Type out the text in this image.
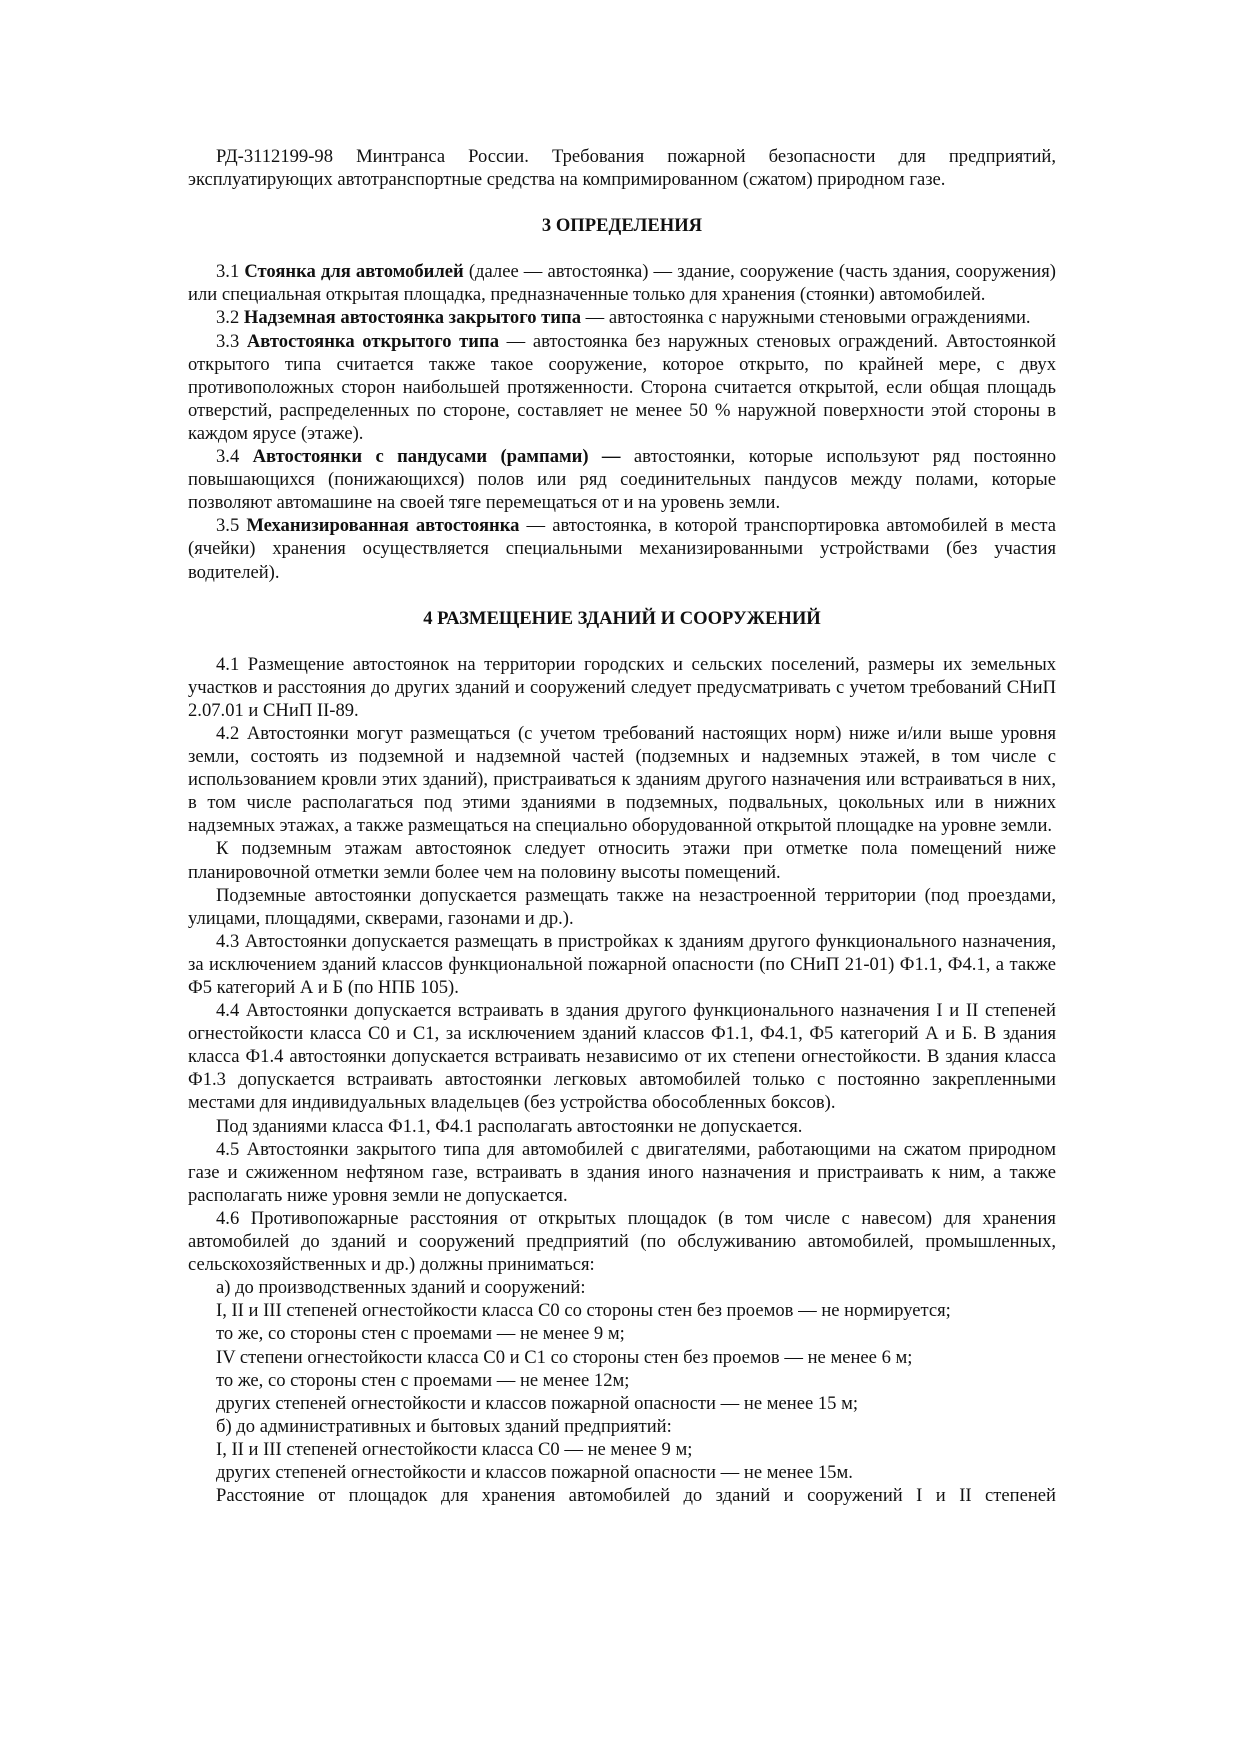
РД-3112199-98 Минтранса России. Требования пожарной безопасности для предприятий, эксплуатирующих автотранспортные средства на компримированном (сжатом) природном газе.

3 ОПРЕДЕЛЕНИЯ

3.1 Стоянка для автомобилей (далее — автостоянка) — здание, сооружение (часть здания, сооружения) или специальная открытая площадка, предназначенные только для хранения (стоянки) автомобилей.

3.2 Надземная автостоянка закрытого типа — автостоянка с наружными стеновыми ограждениями.

3.3 Автостоянка открытого типа — автостоянка без наружных стеновых ограждений. Автостоянкой открытого типа считается также такое сооружение, которое открыто, по крайней мере, с двух противоположных сторон наибольшей протяженности. Сторона считается открытой, если общая площадь отверстий, распределенных по стороне, составляет не менее 50 % наружной поверхности этой стороны в каждом ярусе (этаже).

3.4 Автостоянки с пандусами (рампами) — автостоянки, которые используют ряд постоянно повышающихся (понижающихся) полов или ряд соединительных пандусов между полами, которые позволяют автомашине на своей тяге перемещаться от и на уровень земли.

3.5 Механизированная автостоянка — автостоянка, в которой транспортировка автомобилей в места (ячейки) хранения осуществляется специальными механизированными устройствами (без участия водителей).

4 РАЗМЕЩЕНИЕ ЗДАНИЙ И СООРУЖЕНИЙ

4.1 Размещение автостоянок на территории городских и сельских поселений, размеры их земельных участков и расстояния до других зданий и сооружений следует предусматривать с учетом требований СНиП 2.07.01 и СНиП II-89.

4.2 Автостоянки могут размещаться (с учетом требований настоящих норм) ниже и/или выше уровня земли, состоять из подземной и надземной частей (подземных и надземных этажей, в том числе с использованием кровли этих зданий), пристраиваться к зданиям другого назначения или встраиваться в них, в том числе располагаться под этими зданиями в подземных, подвальных, цокольных или в нижних надземных этажах, а также размещаться на специально оборудованной открытой площадке на уровне земли.

К подземным этажам автостоянок следует относить этажи при отметке пола помещений ниже планировочной отметки земли более чем на половину высоты помещений.

Подземные автостоянки допускается размещать также на незастроенной территории (под проездами, улицами, площадями, скверами, газонами и др.).

4.3 Автостоянки допускается размещать в пристройках к зданиям другого функционального назначения, за исключением зданий классов функциональной пожарной опасности (по СНиП 21-01) Ф1.1, Ф4.1, а также Ф5 категорий А и Б (по НПБ 105).

4.4 Автостоянки допускается встраивать в здания другого функционального назначения I и II степеней огнестойкости класса С0 и С1, за исключением зданий классов Ф1.1, Ф4.1, Ф5 категорий А и Б. В здания класса Ф1.4 автостоянки допускается встраивать независимо от их степени огнестойкости. В здания класса Ф1.3 допускается встраивать автостоянки легковых автомобилей только с постоянно закрепленными местами для индивидуальных владельцев (без устройства обособленных боксов).

Под зданиями класса Ф1.1, Ф4.1 располагать автостоянки не допускается.

4.5 Автостоянки закрытого типа для автомобилей с двигателями, работающими на сжатом природном газе и сжиженном нефтяном газе, встраивать в здания иного назначения и пристраивать к ним, а также располагать ниже уровня земли не допускается.

4.6 Противопожарные расстояния от открытых площадок (в том числе с навесом) для хранения автомобилей до зданий и сооружений предприятий (по обслуживанию автомобилей, промышленных, сельскохозяйственных и др.) должны приниматься:

а) до производственных зданий и сооружений:

I, II и III степеней огнестойкости класса С0 со стороны стен без проемов — не нормируется;

то же, со стороны стен с проемами — не менее 9 м;

IV степени огнестойкости класса С0 и С1 со стороны стен без проемов — не менее 6 м;

то же, со стороны стен с проемами — не менее 12м;

других степеней огнестойкости и классов пожарной опасности — не менее 15 м;

б) до административных и бытовых зданий предприятий:

I, II и III степеней огнестойкости класса С0 — не менее 9 м;

других степеней огнестойкости и классов пожарной опасности — не менее 15м.

Расстояние от площадок для хранения автомобилей до зданий и сооружений I и II степеней
